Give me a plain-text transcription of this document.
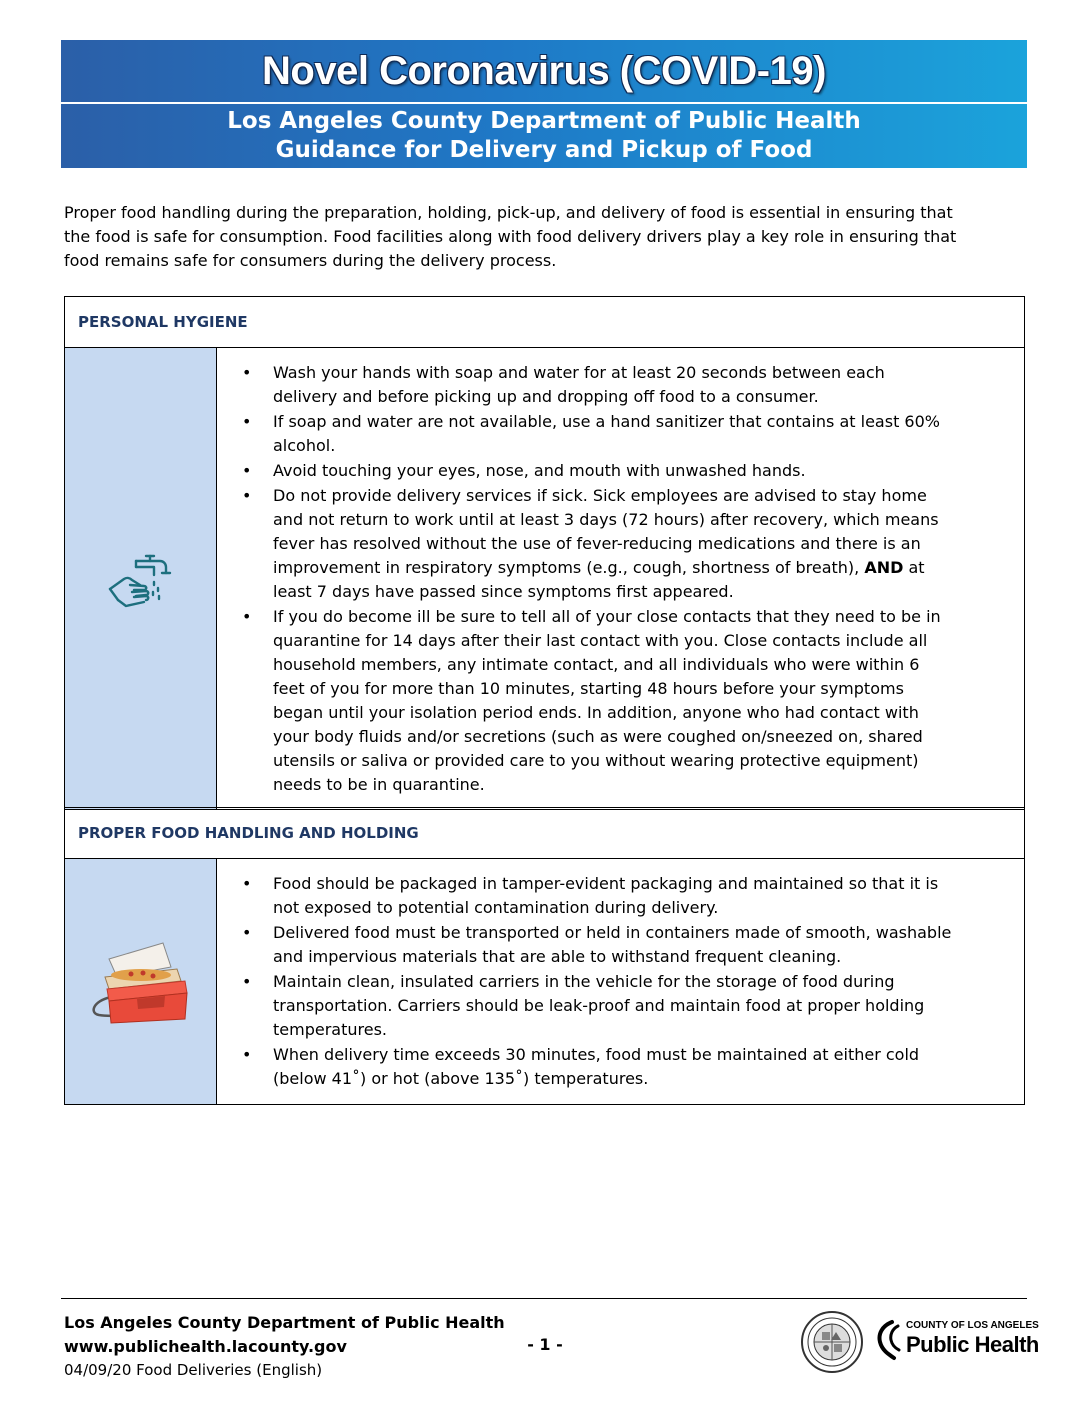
Novel Coronavirus (COVID-19)
Los Angeles County Department of Public Health
Guidance for Delivery and Pickup of Food
Proper food handling during the preparation, holding, pick-up, and delivery of food is essential in ensuring that the food is safe for consumption. Food facilities along with food delivery drivers play a key role in ensuring that food remains safe for consumers during the delivery process.
PERSONAL HYGIENE
• Wash your hands with soap and water for at least 20 seconds between each delivery and before picking up and dropping off food to a consumer.
• If soap and water are not available, use a hand sanitizer that contains at least 60% alcohol.
• Avoid touching your eyes, nose, and mouth with unwashed hands.
• Do not provide delivery services if sick. Sick employees are advised to stay home and not return to work until at least 3 days (72 hours) after recovery, which means fever has resolved without the use of fever-reducing medications and there is an improvement in respiratory symptoms (e.g., cough, shortness of breath), AND at least 7 days have passed since symptoms first appeared.
• If you do become ill be sure to tell all of your close contacts that they need to be in quarantine for 14 days after their last contact with you. Close contacts include all household members, any intimate contact, and all individuals who were within 6 feet of you for more than 10 minutes, starting 48 hours before your symptoms began until your isolation period ends. In addition, anyone who had contact with your body fluids and/or secretions (such as were coughed on/sneezed on, shared utensils or saliva or provided care to you without wearing protective equipment) needs to be in quarantine.
PROPER FOOD HANDLING AND HOLDING
• Food should be packaged in tamper-evident packaging and maintained so that it is not exposed to potential contamination during delivery.
• Delivered food must be transported or held in containers made of smooth, washable and impervious materials that are able to withstand frequent cleaning.
• Maintain clean, insulated carriers in the vehicle for the storage of food during transportation. Carriers should be leak-proof and maintain food at proper holding temperatures.
• When delivery time exceeds 30 minutes, food must be maintained at either cold (below 41˚) or hot (above 135˚) temperatures.
Los Angeles County Department of Public Health
www.publichealth.lacounty.gov
04/09/20 Food Deliveries (English)
- 1 -
COUNTY OF LOS ANGELES
Public Health
